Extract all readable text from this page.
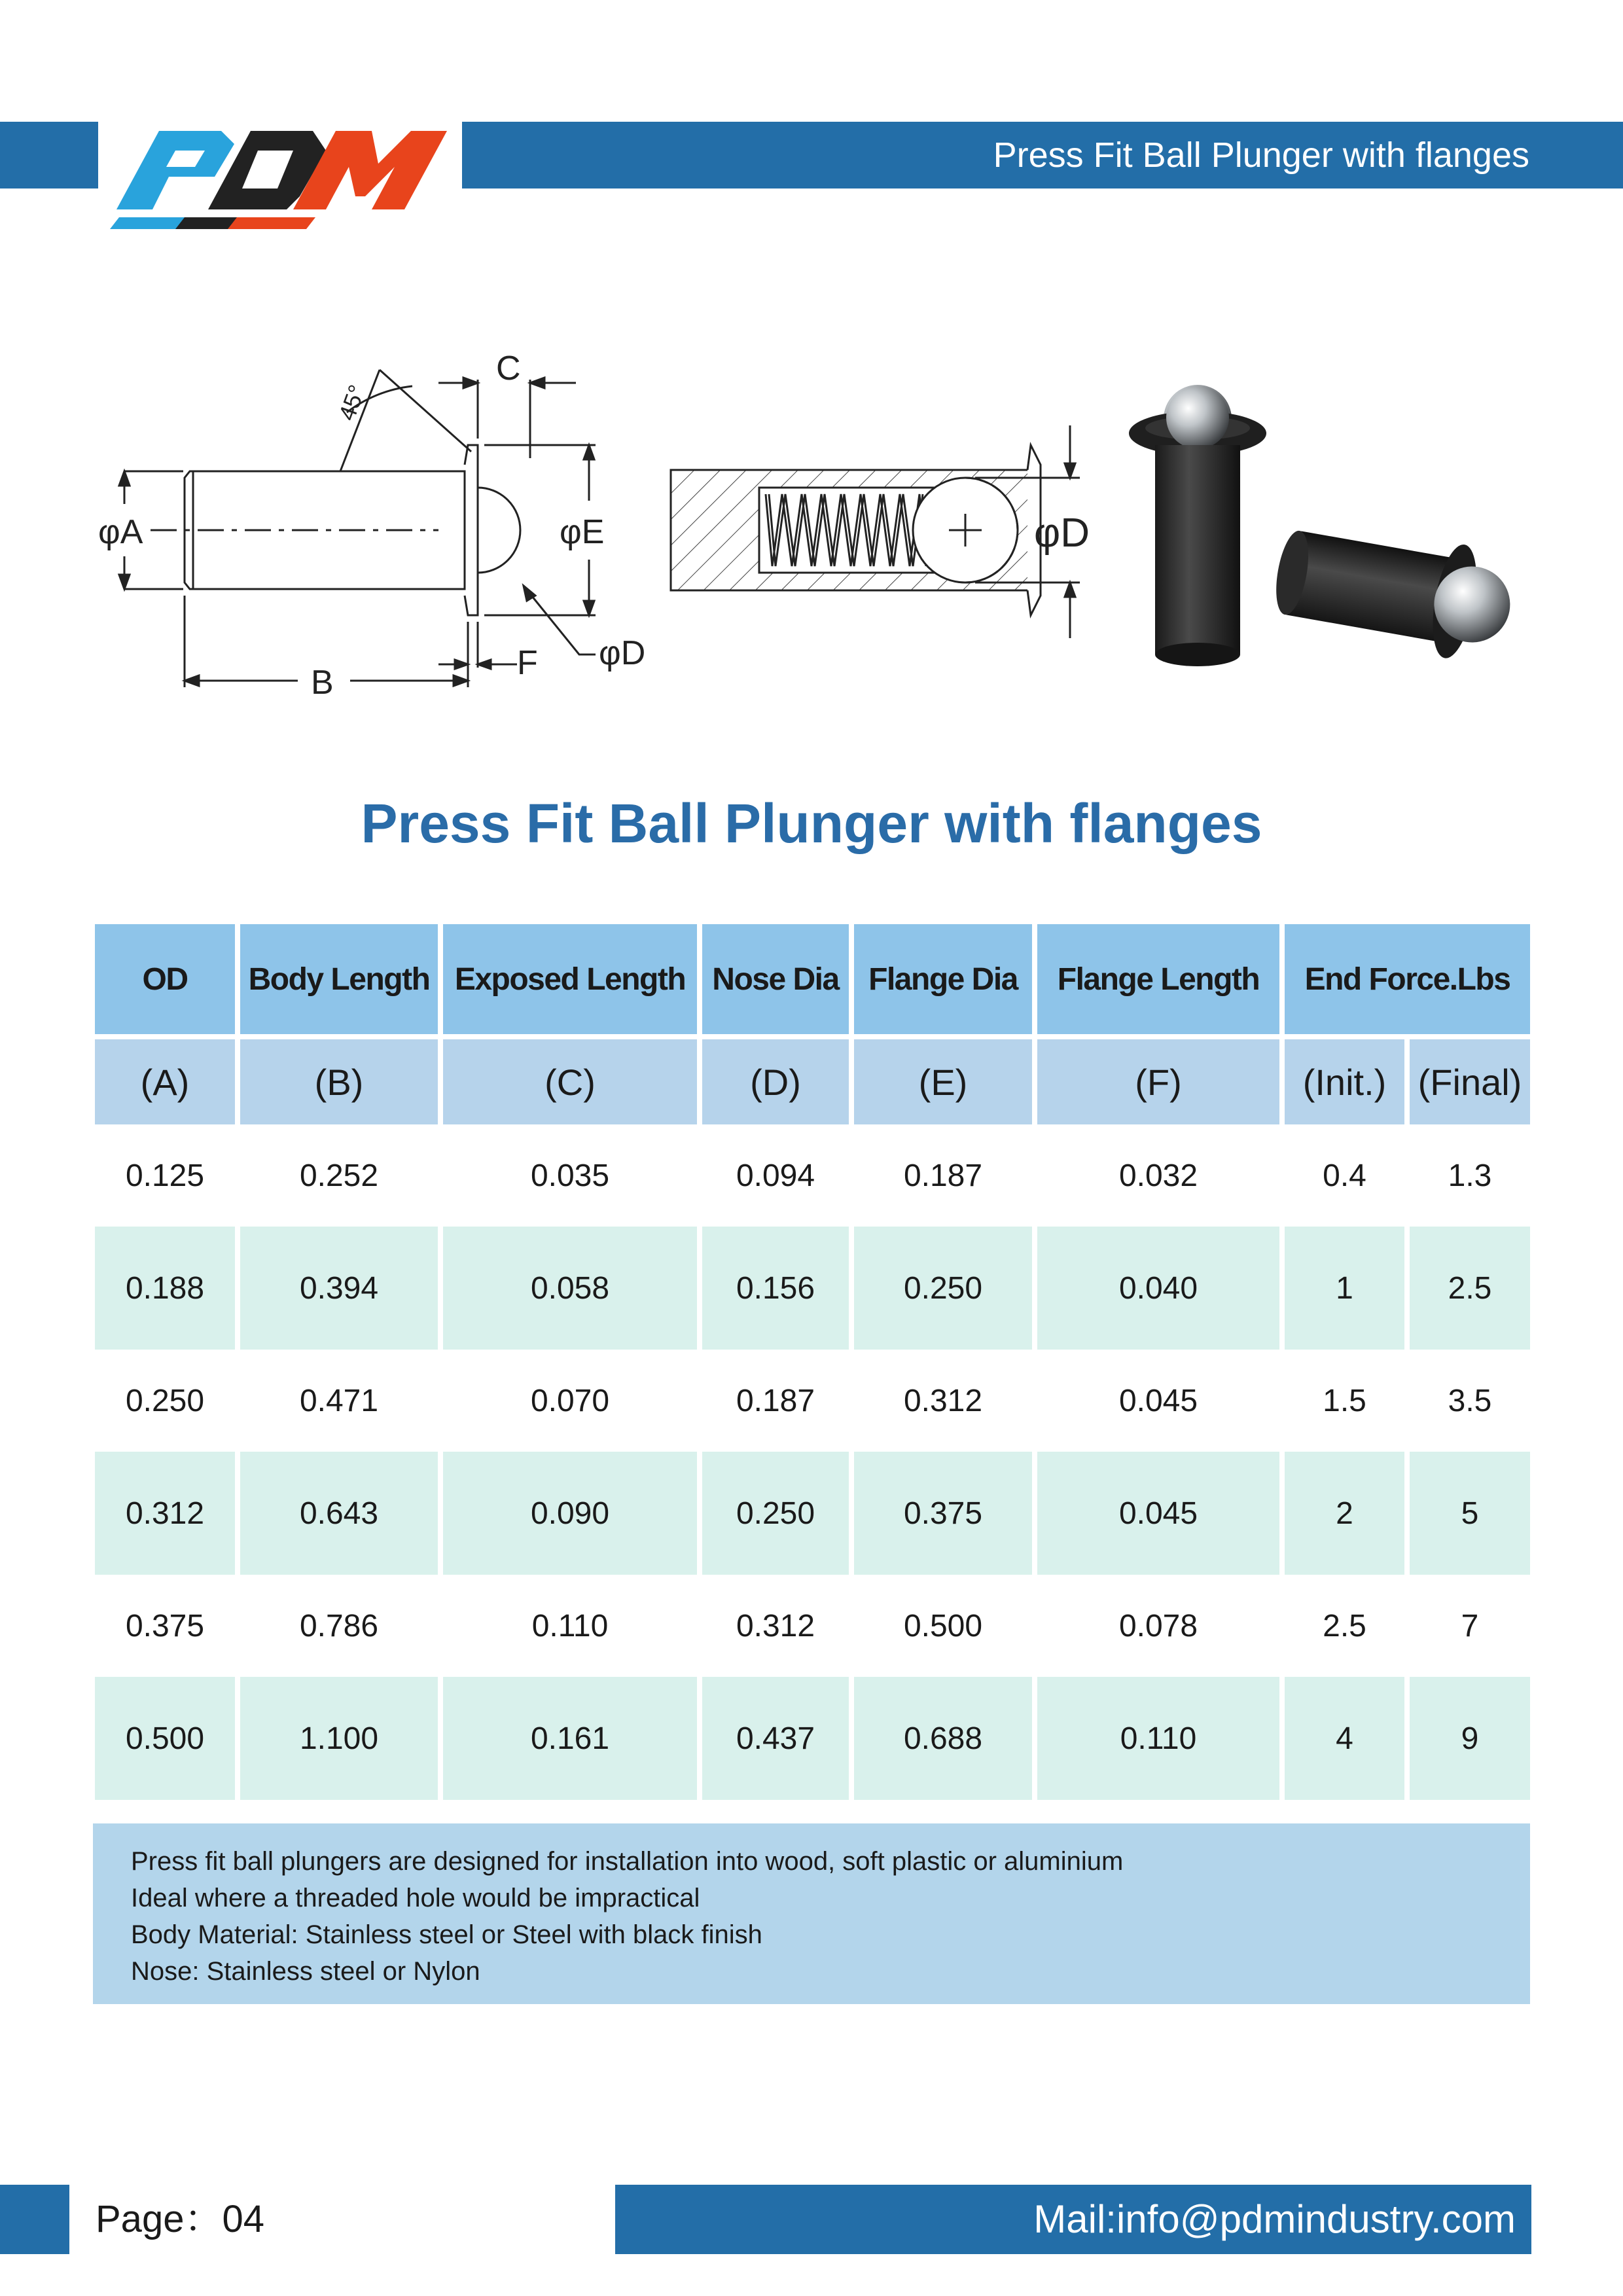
Press Fit Ball Plunger with flanges
φA
B
C
φE
F φD
φD
45°
Press Fit Ball Plunger with flanges
OD	Body Length	Exposed Length	Nose Dia	Flange Dia	Flange Length	End Force.Lbs	
(A)	(B)	(C)	(D)	(E)	(F)	(Init.)	(Final)
0.125	0.252	0.035	0.094	0.187	0.032	0.4	1.3
0.188	0.394	0.058	0.156	0.250	0.040	1	2.5
0.250	0.471	0.070	0.187	0.312	0.045	1.5	3.5
0.312	0.643	0.090	0.250	0.375	0.045	2	5
0.375	0.786	0.110	0.312	0.500	0.078	2.5	7
0.500	1.100	0.161	0.437	0.688	0.110	4	9
Press fit ball plungers are designed for installation into wood, soft plastic or aluminium
Ideal where a threaded hole would be impractical
Body Material: Stainless steel or Steel with black finish
Nose: Stainless steel or Nylon
Page：04	Mail:info@pdmindustry.com
